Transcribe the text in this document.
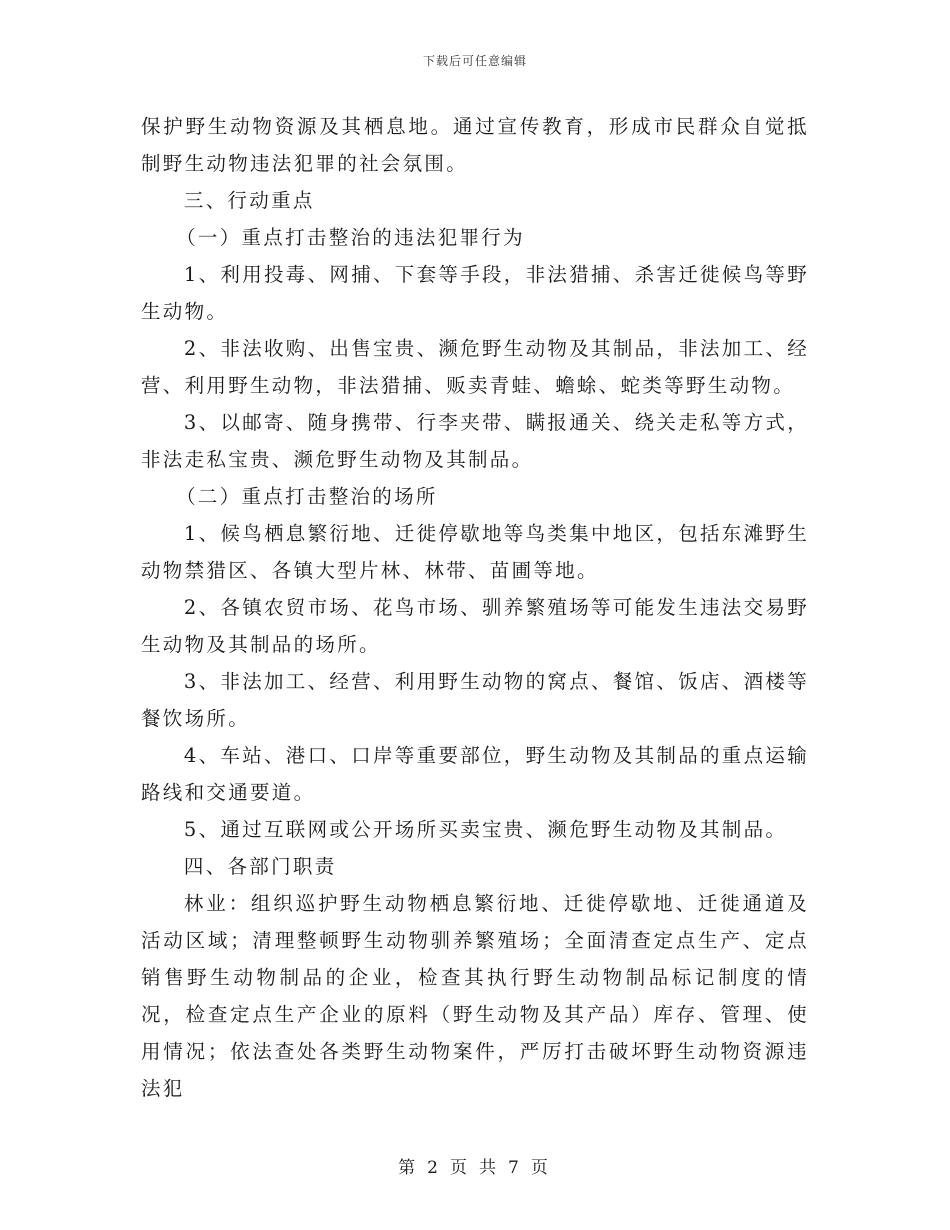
下载后可任意编辑

保护野生动物资源及其栖息地。通过宣传教育，形成市民群众自觉抵制野生动物违法犯罪的社会氛围。

三、行动重点

（一）重点打击整治的违法犯罪行为

1、利用投毒、网捕、下套等手段，非法猎捕、杀害迁徙候鸟等野生动物。

2、非法收购、出售宝贵、濒危野生动物及其制品，非法加工、经营、利用野生动物，非法猎捕、贩卖青蛙、蟾蜍、蛇类等野生动物。

3、以邮寄、随身携带、行李夹带、瞒报通关、绕关走私等方式，非法走私宝贵、濒危野生动物及其制品。

（二）重点打击整治的场所

1、候鸟栖息繁衍地、迁徙停歇地等鸟类集中地区，包括东滩野生动物禁猎区、各镇大型片林、林带、苗圃等地。

2、各镇农贸市场、花鸟市场、驯养繁殖场等可能发生违法交易野生动物及其制品的场所。

3、非法加工、经营、利用野生动物的窝点、餐馆、饭店、酒楼等餐饮场所。

4、车站、港口、口岸等重要部位，野生动物及其制品的重点运输路线和交通要道。

5、通过互联网或公开场所买卖宝贵、濒危野生动物及其制品。

四、各部门职责

林业：组织巡护野生动物栖息繁衍地、迁徙停歇地、迁徙通道及活动区域；清理整顿野生动物驯养繁殖场；全面清查定点生产、定点销售野生动物制品的企业，检查其执行野生动物制品标记制度的情况，检查定点生产企业的原料（野生动物及其产品）库存、管理、使用情况；依法查处各类野生动物案件，严厉打击破坏野生动物资源违法犯

第 2 页 共 7 页
